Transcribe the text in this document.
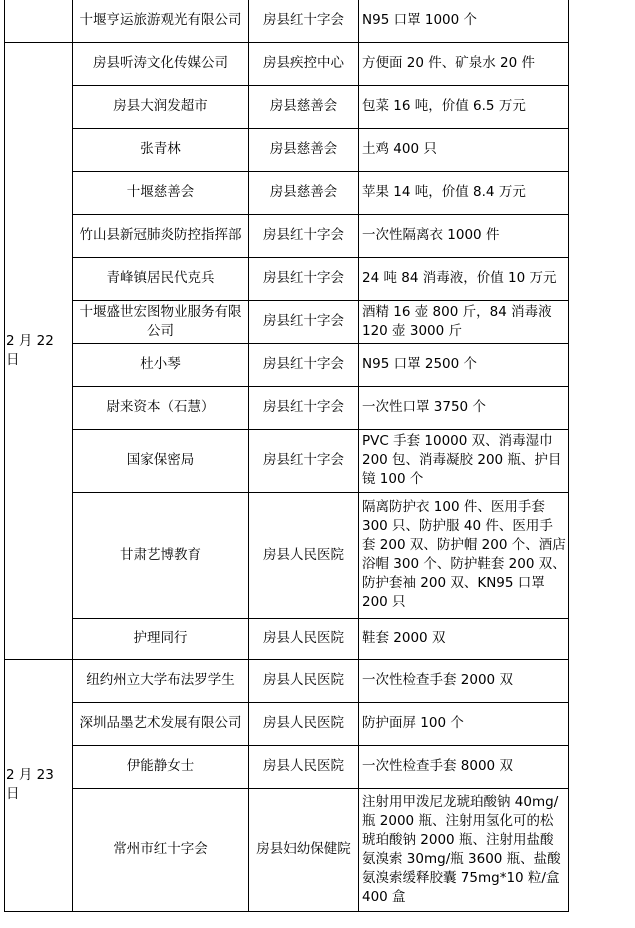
	十堰亨运旅游观光有限公司	房县红十字会	N95 口罩 1000 个
2 月 22 日	房县听涛文化传媒公司	房县疾控中心	方便面 20 件、矿泉水 20 件
	房县大润发超市	房县慈善会	包菜 16 吨，价值 6.5 万元
	张青林	房县慈善会	土鸡 400 只
	十堰慈善会	房县慈善会	苹果 14 吨，价值 8.4 万元
	竹山县新冠肺炎防控指挥部	房县红十字会	一次性隔离衣 1000 件
	青峰镇居民代克兵	房县红十字会	24 吨 84 消毒液，价值 10 万元
	十堰盛世宏图物业服务有限公司	房县红十字会	酒精 16 壶 800 斤，84 消毒液 120 壶 3000 斤
	杜小琴	房县红十字会	N95 口罩 2500 个
	尉来资本（石慧）	房县红十字会	一次性口罩 3750 个
	国家保密局	房县红十字会	PVC 手套 10000 双、消毒湿巾 200 包、消毒凝胶 200 瓶、护目镜 100 个
	甘肃艺博教育	房县人民医院	隔离防护衣 100 件、医用手套 300 只、防护服 40 件、医用手套 200 双、防护帽 200 个、酒店浴帽 300 个、防护鞋套 200 双、防护套袖 200 双、KN95 口罩 200 只
	护理同行	房县人民医院	鞋套 2000 双
2 月 23 日	纽约州立大学布法罗学生	房县人民医院	一次性检查手套 2000 双
	深圳品墨艺术发展有限公司	房县人民医院	防护面屏 100 个
	伊能静女士	房县人民医院	一次性检查手套 8000 双
	常州市红十字会	房县妇幼保健院	注射用甲泼尼龙琥珀酸钠 40mg/瓶 2000 瓶、注射用氢化可的松琥珀酸钠 2000 瓶、注射用盐酸氨溴索 30mg/瓶 3600 瓶、盐酸氨溴索缓释胶囊 75mg*10 粒/盒 400 盒
